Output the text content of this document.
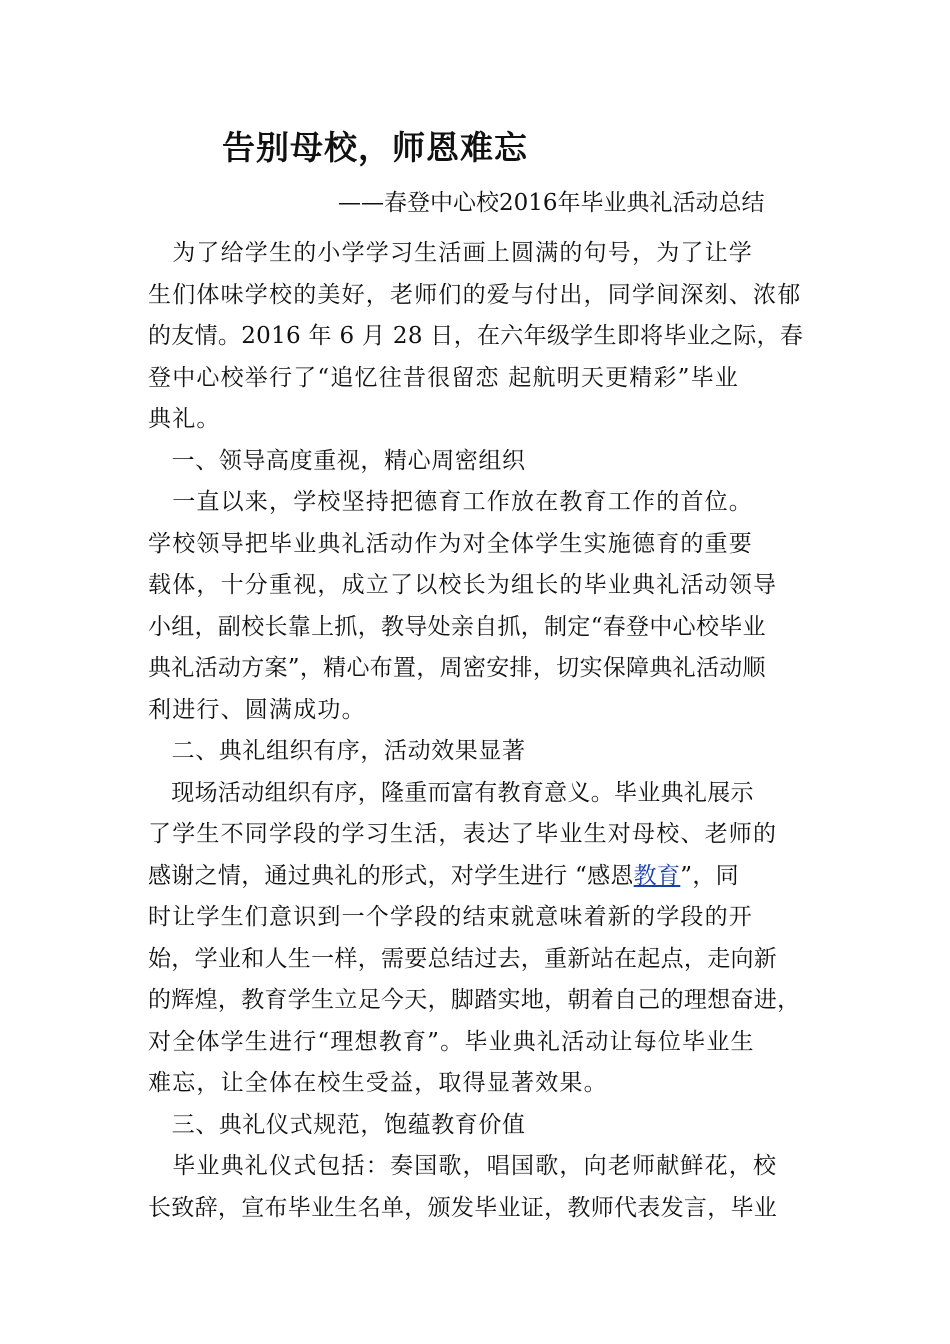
告别母校，师恩难忘
——春登中心校2016年毕业典礼活动总结
　为了给学生的小学学习生活画上圆满的句号，为了让学
生们体味学校的美好，老师们的爱与付出，同学间深刻、浓郁
的友情。2016 年 6 月 28 日，在六年级学生即将毕业之际，春
登中心校举行了“追忆往昔很留恋 起航明天更精彩”毕业
典礼。
　一、领导高度重视，精心周密组织
　一直以来，学校坚持把德育工作放在教育工作的首位。
学校领导把毕业典礼活动作为对全体学生实施德育的重要
载体，十分重视，成立了以校长为组长的毕业典礼活动领导
小组，副校长靠上抓，教导处亲自抓，制定“春登中心校毕业
典礼活动方案”，精心布置，周密安排，切实保障典礼活动顺
利进行、圆满成功。
　二、典礼组织有序，活动效果显著
　现场活动组织有序，隆重而富有教育意义。毕业典礼展示
了学生不同学段的学习生活，表达了毕业生对母校、老师的
感谢之情，通过典礼的形式，对学生进行 “感恩教育”，同
时让学生们意识到一个学段的结束就意味着新的学段的开
始，学业和人生一样，需要总结过去，重新站在起点，走向新
的辉煌，教育学生立足今天，脚踏实地，朝着自己的理想奋进，
对全体学生进行“理想教育”。毕业典礼活动让每位毕业生
难忘，让全体在校生受益，取得显著效果。
　三、典礼仪式规范，饱蕴教育价值
　毕业典礼仪式包括：奏国歌，唱国歌，向老师献鲜花，校
长致辞，宣布毕业生名单，颁发毕业证，教师代表发言，毕业
